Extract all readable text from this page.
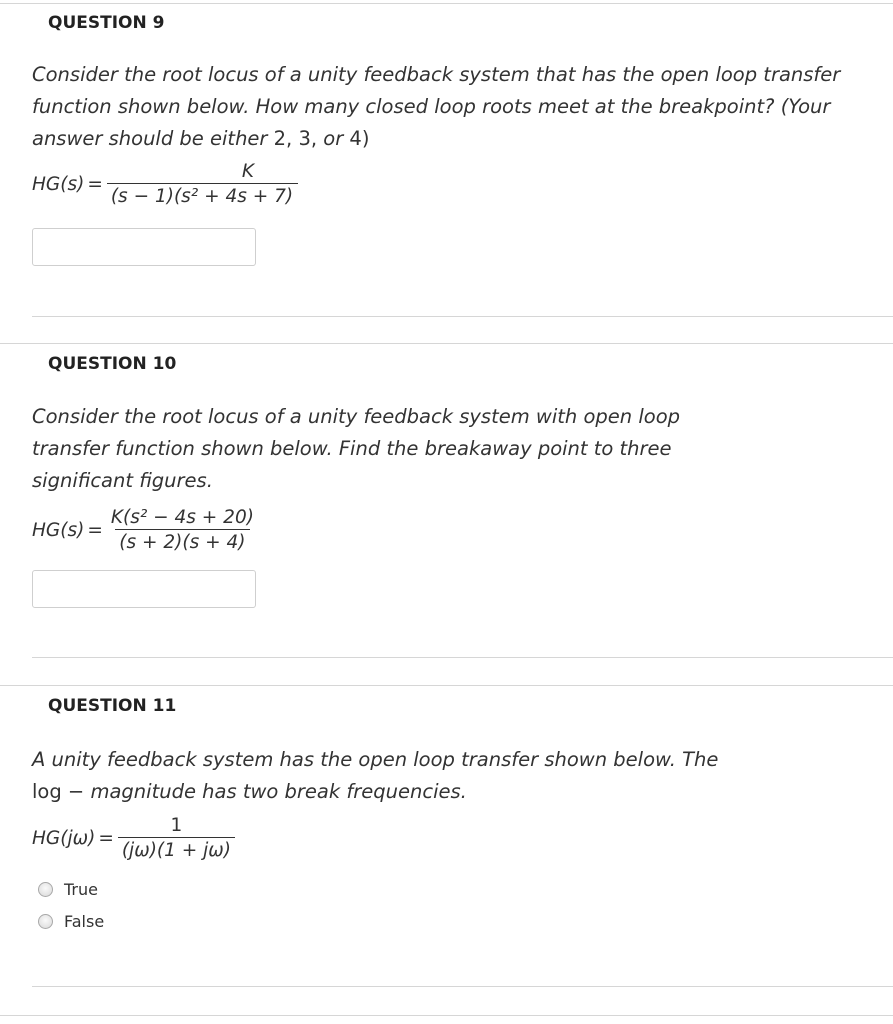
QUESTION 9

Consider the root locus of a unity feedback system that has the open loop transfer function shown below. How many closed loop roots meet at the breakpoint? (Your answer should be either 2, 3, or 4)

$HG(s) = \frac{K}{\text{(s − 1)(s² + 4s + 7)}}$
QUESTION 10

Consider the root locus of a unity feedback system with open loop transfer function shown below. Find the breakaway point to three significant figures.

$HG(s) = \frac{\text{K(s² − 4s + 20)}}{(s + 2)(s + 4)}$
QUESTION 11

A unity feedback system has the open loop transfer shown below. The log − magnitude has two break frequencies.

$HG(j\omega) = \frac{1}{(j\omega)(1 + j\omega)}$
True
False
